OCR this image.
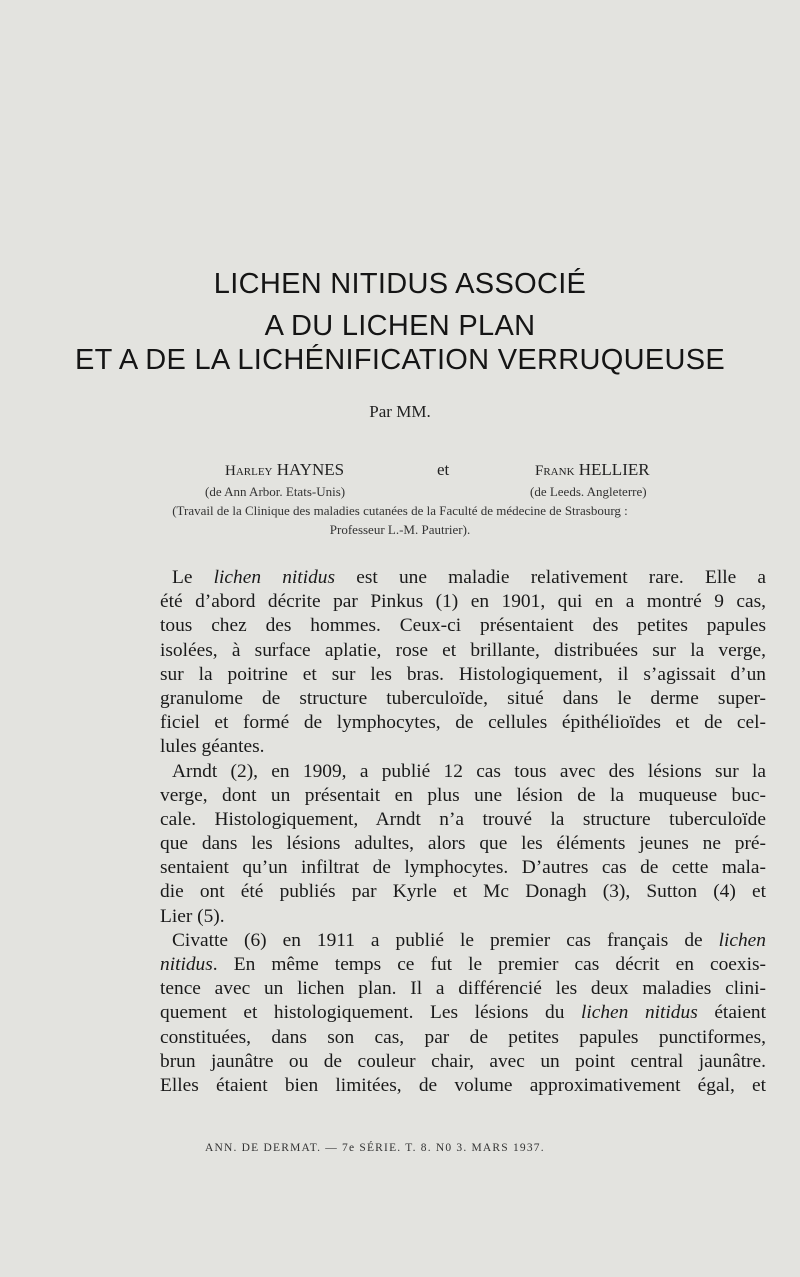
LICHEN NITIDUS ASSOCIÉ
A DU LICHEN PLAN
ET A DE LA LICHÉNIFICATION VERRUQUEUSE
Par MM.
Harley HAYNES	et	Frank HELLIER
(de Ann Arbor. Etats-Unis)	(de Leeds. Angleterre)
(Travail de la Clinique des maladies cutanées de la Faculté de médecine de Strasbourg :
Professeur L.-M. Pautrier).
Le lichen nitidus est une maladie relativement rare. Elle a
été d’abord décrite par Pinkus (1) en 1901, qui en a montré 9 cas,
tous chez des hommes. Ceux-ci présentaient des petites papules
isolées, à surface aplatie, rose et brillante, distribuées sur la verge,
sur la poitrine et sur les bras. Histologiquement, il s’agissait d’un
granulome de structure tuberculoïde, situé dans le derme super-
ficiel et formé de lymphocytes, de cellules épithélioïdes et de cel-
lules géantes.
Arndt (2), en 1909, a publié 12 cas tous avec des lésions sur la
verge, dont un présentait en plus une lésion de la muqueuse buc-
cale. Histologiquement, Arndt n’a trouvé la structure tuberculoïde
que dans les lésions adultes, alors que les éléments jeunes ne pré-
sentaient qu’un infiltrat de lymphocytes. D’autres cas de cette mala-
die ont été publiés par Kyrle et Mc Donagh (3), Sutton (4) et
Lier (5).
Civatte (6) en 1911 a publié le premier cas français de lichen
nitidus. En même temps ce fut le premier cas décrit en coexis-
tence avec un lichen plan. Il a différencié les deux maladies clini-
quement et histologiquement. Les lésions du lichen nitidus étaient
constituées, dans son cas, par de petites papules punctiformes,
brun jaunâtre ou de couleur chair, avec un point central jaunâtre.
Elles étaient bien limitées, de volume approximativement égal, et
ANN. DE DERMAT. — 7e SÉRIE. T. 8. N0 3. MARS 1937.
